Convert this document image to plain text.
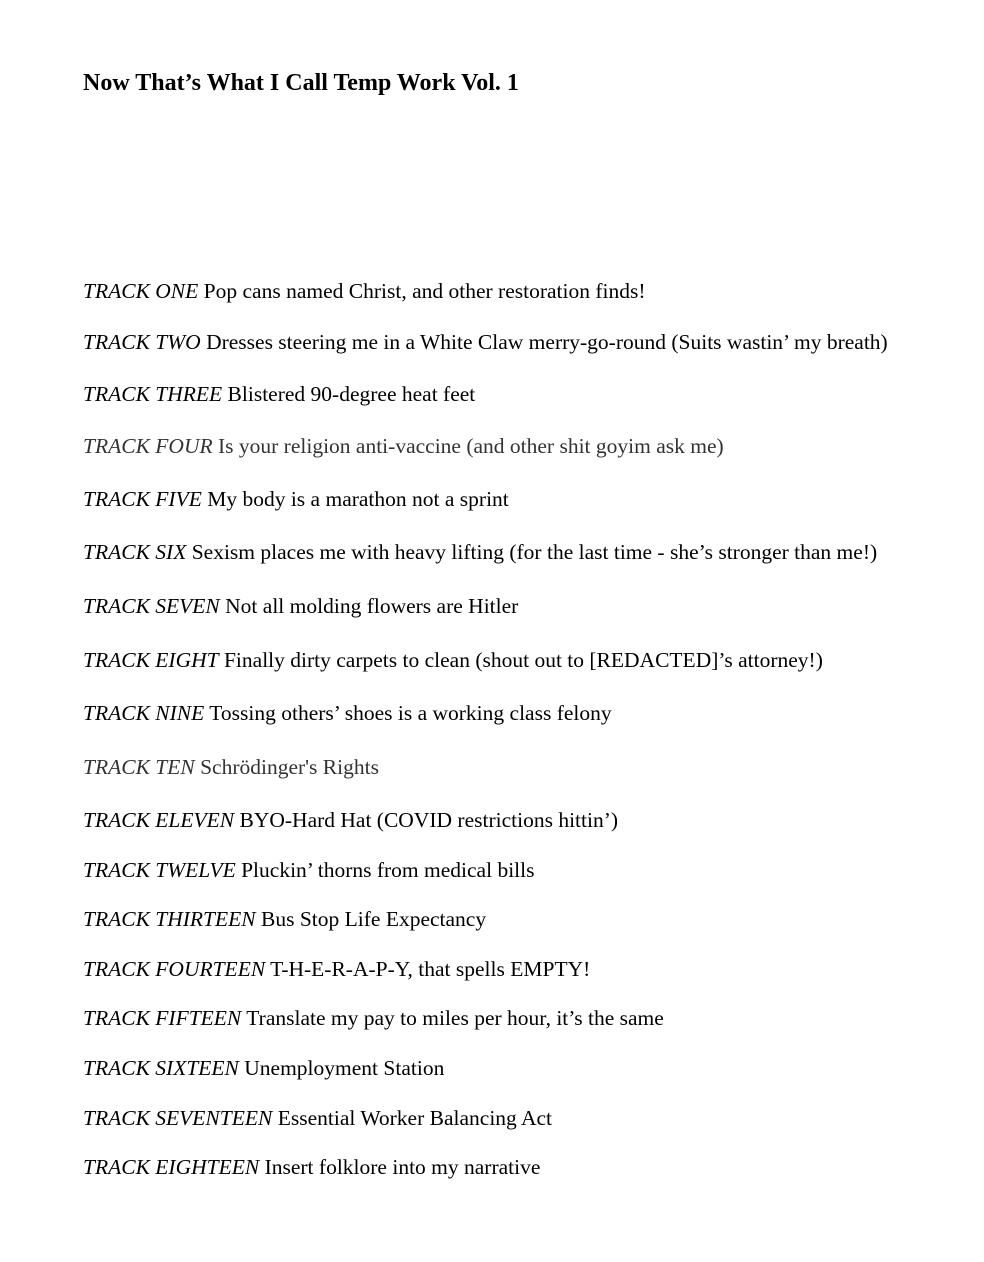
Now That’s What I Call Temp Work Vol. 1
TRACK ONE Pop cans named Christ, and other restoration finds!
TRACK TWO Dresses steering me in a White Claw merry-go-round (Suits wastin’ my breath)
TRACK THREE Blistered 90-degree heat feet
TRACK FOUR Is your religion anti-vaccine (and other shit goyim ask me)
TRACK FIVE My body is a marathon not a sprint
TRACK SIX Sexism places me with heavy lifting (for the last time - she’s stronger than me!)
TRACK SEVEN Not all molding flowers are Hitler
TRACK EIGHT Finally dirty carpets to clean (shout out to [REDACTED]’s attorney!)
TRACK NINE Tossing others’ shoes is a working class felony
TRACK TEN Schrödinger's Rights
TRACK ELEVEN BYO-Hard Hat (COVID restrictions hittin’)
TRACK TWELVE Pluckin’ thorns from medical bills
TRACK THIRTEEN Bus Stop Life Expectancy
TRACK FOURTEEN T-H-E-R-A-P-Y, that spells EMPTY!
TRACK FIFTEEN Translate my pay to miles per hour, it’s the same
TRACK SIXTEEN Unemployment Station
TRACK SEVENTEEN Essential Worker Balancing Act
TRACK EIGHTEEN Insert folklore into my narrative
